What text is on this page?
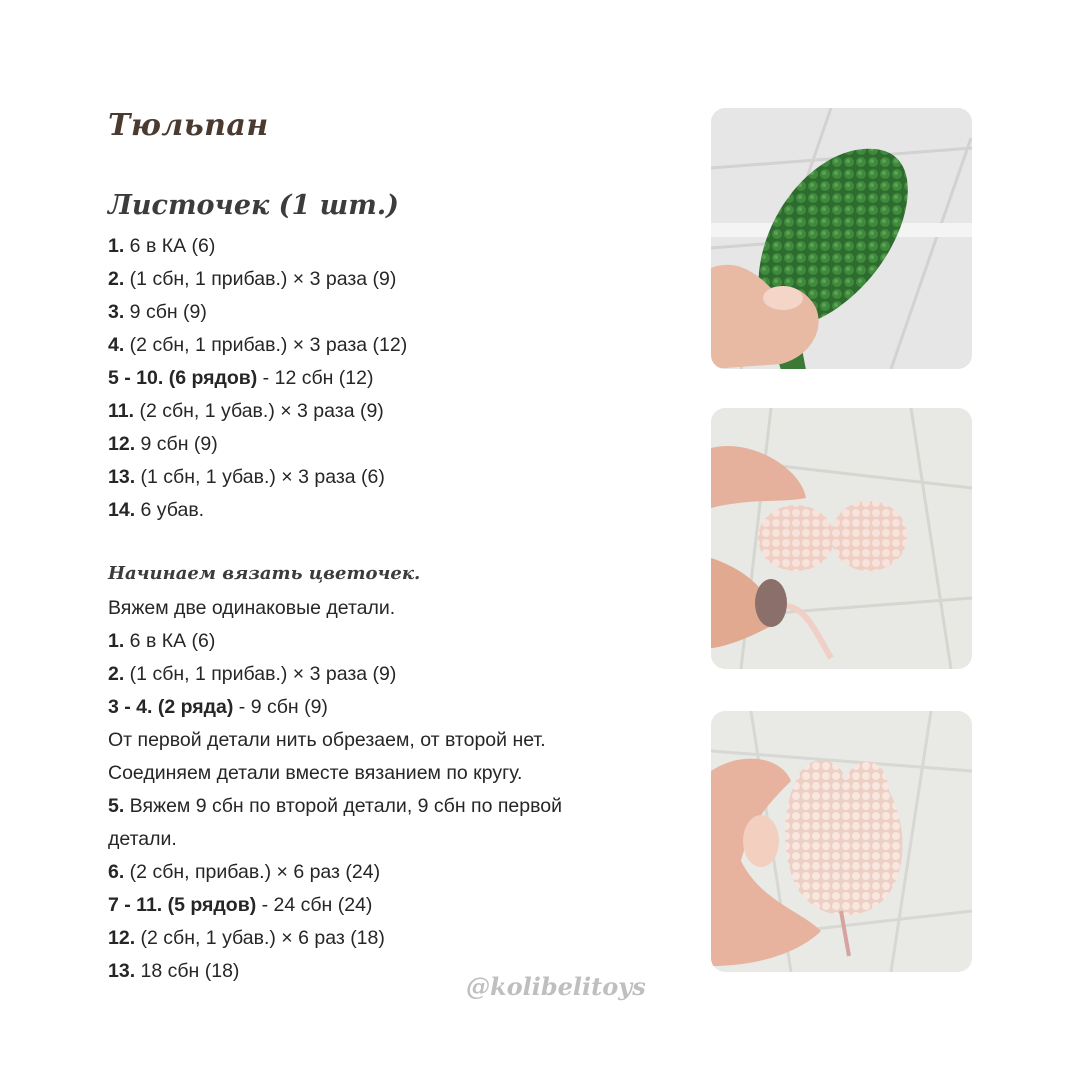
Тюльпан
Листочек (1 шт.)
1. 6 в КА (6)
2. (1 сбн, 1 прибав.) × 3 раза (9)
3. 9 сбн (9)
4. (2 сбн, 1 прибав.) × 3 раза (12)
5 - 10. (6 рядов) - 12 сбн (12)
11. (2 сбн, 1 убав.) × 3 раза (9)
12. 9 сбн (9)
13. (1 сбн, 1 убав.) × 3 раза (6)
14. 6 убав.
Начинаем вязать цветочек.
Вяжем две одинаковые детали.
1. 6 в КА (6)
2. (1 сбн, 1 прибав.) × 3 раза (9)
3 - 4. (2 ряда) - 9 сбн (9)
От первой детали нить обрезаем, от второй нет.
Соединяем детали вместе вязанием по кругу.
5. Вяжем 9 сбн по второй детали, 9 сбн по первой
детали.
6. (2 сбн, прибав.) × 6 раз (24)
7 - 11. (5 рядов) - 24 сбн (24)
12. (2 сбн, 1 убав.) × 6 раз (18)
13. 18 сбн (18)

@kolibelitoys
